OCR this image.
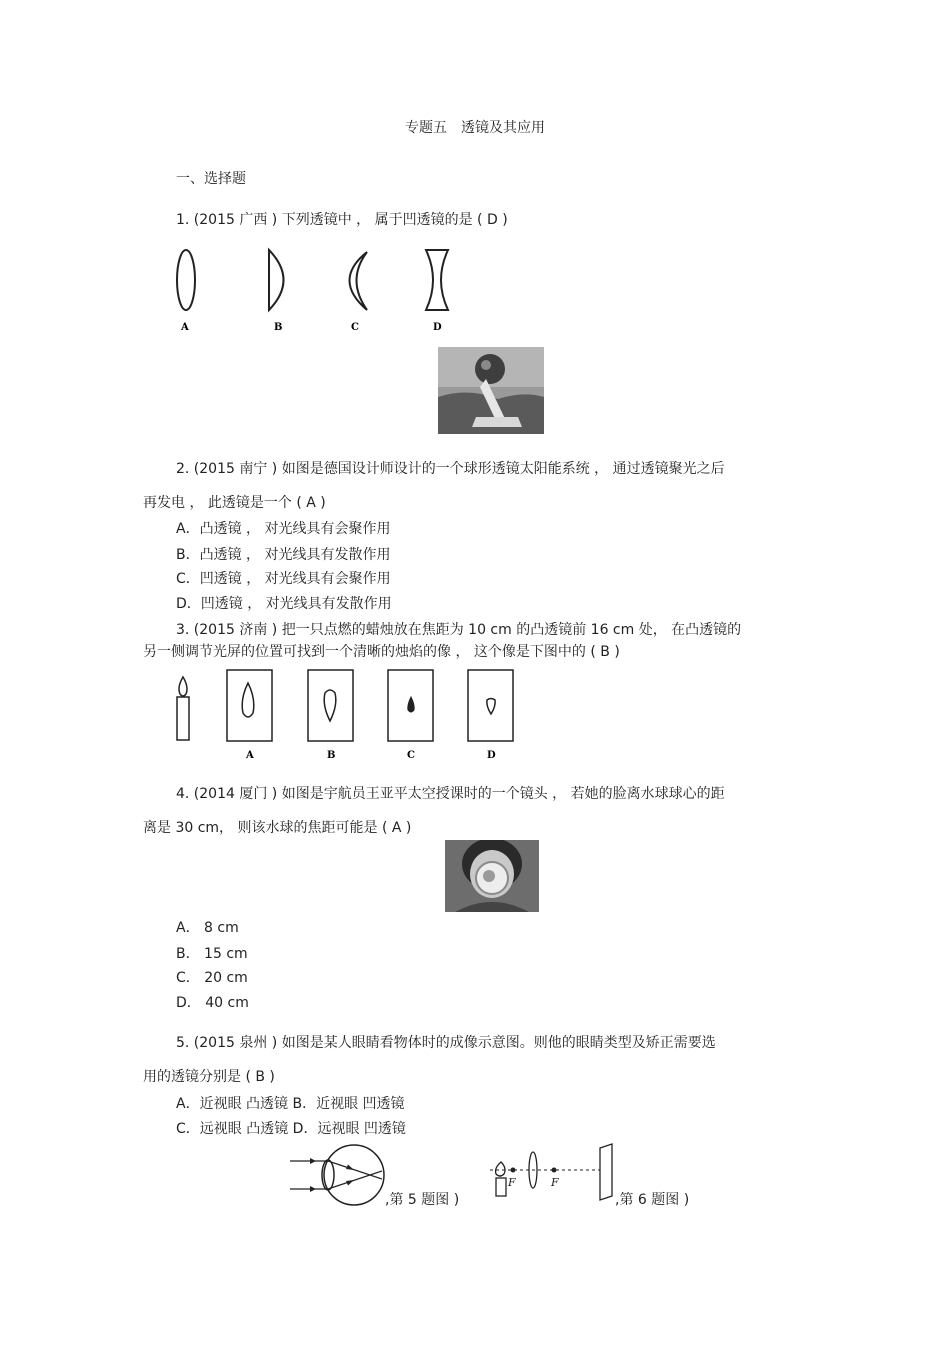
专题五　透镜及其应用
一、选择题
1. (2015 广西 ) 下列透镜中 ， 属于凹透镜的是 ( D )
A	B	C	D
2. (2015 南宁 ) 如图是德国设计师设计的一个球形透镜太阳能系统 ， 通过透镜聚光之后
再发电 ， 此透镜是一个 ( A )
A．凸透镜 ， 对光线具有会聚作用
B．凸透镜 ， 对光线具有发散作用
C．凹透镜 ， 对光线具有会聚作用
D．凹透镜 ， 对光线具有发散作用
3. (2015 济南 ) 把一只点燃的蜡烛放在焦距为 10 cm 的凸透镜前 16 cm 处， 在凸透镜的
另一侧调节光屏的位置可找到一个清晰的烛焰的像 ， 这个像是下图中的 ( B )
A	B	C	D
4. (2014 厦门 ) 如图是宇航员王亚平太空授课时的一个镜头 ， 若她的脸离水球球心的距
离是 30 cm， 则该水球的焦距可能是 ( A )
A． 8 cm
B． 15 cm
C． 20 cm
D． 40 cm
5. (2015 泉州 ) 如图是某人眼睛看物体时的成像示意图。则他的眼睛类型及矫正需要选
用的透镜分别是 ( B )
A．近视眼 凸透镜 B．近视眼 凹透镜
C．远视眼 凸透镜 D．远视眼 凹透镜
,第 5 题图 )
F	F
,第 6 题图 )
